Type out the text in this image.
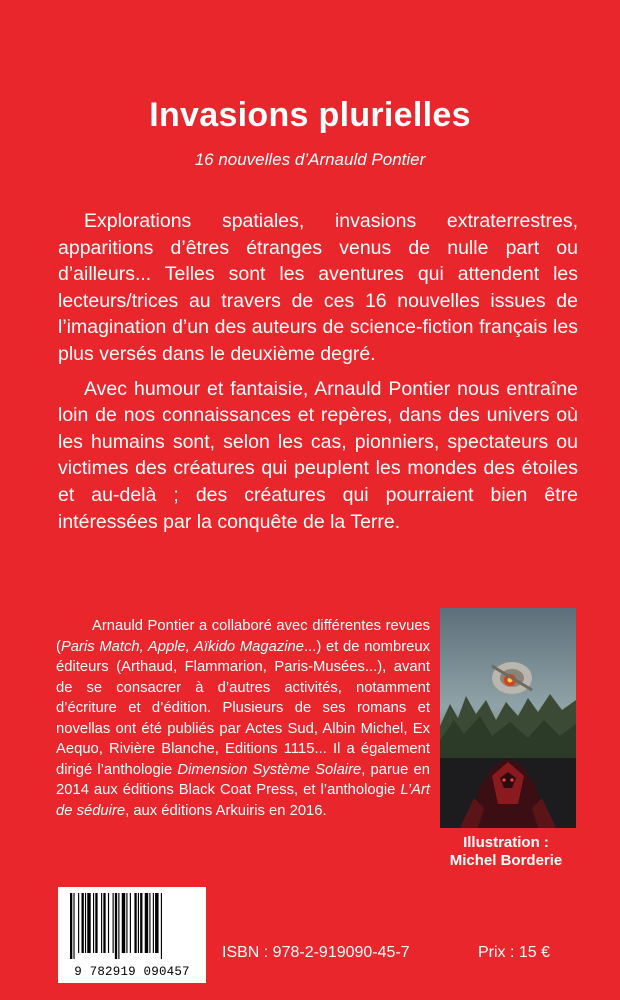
Invasions plurielles
16 nouvelles d’Arnauld Pontier

Explorations spatiales, invasions extraterrestres, apparitions d’êtres étranges venus de nulle part ou d’ailleurs... Telles sont les aventures qui attendent les lecteurs/trices au travers de ces 16 nouvelles issues de l’imagination d’un des auteurs de science-fiction français les plus versés dans le deuxième degré.

Avec humour et fantaisie, Arnauld Pontier nous entraîne loin de nos connaissances et repères, dans des univers où les humains sont, selon les cas, pionniers, spectateurs ou victimes des créatures qui peuplent les mondes des étoiles et au-delà ; des créatures qui pourraient bien être intéressées par la conquête de la Terre.

Arnauld Pontier a collaboré avec différentes revues (Paris Match, Apple, Aïkido Magazine...) et de nombreux éditeurs (Arthaud, Flammarion, Paris-Musées...), avant de se consacrer à d’autres activités, notamment d’écriture et d’édition. Plusieurs de ses romans et novellas ont été publiés par Actes Sud, Albin Michel, Ex Aequo, Rivière Blanche, Editions 1115... Il a également dirigé l’anthologie Dimension Système Solaire, parue en 2014 aux éditions Black Coat Press, et l’anthologie L’Art de séduire, aux éditions Arkuiris en 2016.

Illustration :
Michel Borderie
9 782919 090457
ISBN : 978-2-919090-45-7	Prix : 15 €
